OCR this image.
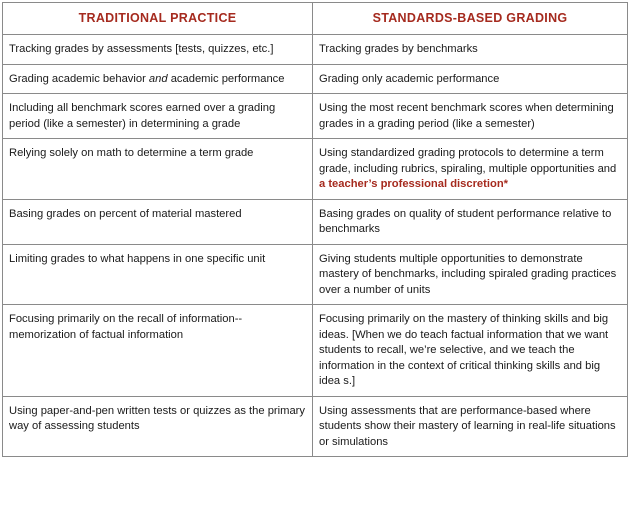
TRADITIONAL PRACTICE	STANDARDS-BASED GRADING
Tracking grades by assessments [tests, quizzes, etc.]	Tracking grades by benchmarks
Grading academic behavior and academic performance	Grading only academic performance
Including all benchmark scores earned over a grading period (like a semester) in determining a grade	Using the most recent benchmark scores when determining grades in a grading period (like a semester)
Relying solely on math to determine a term grade	Using standardized grading protocols to determine a term grade, including rubrics, spiraling, multiple opportunities and a teacher’s professional discretion*
Basing grades on percent of material mastered	Basing grades on quality of student performance relative to benchmarks
Limiting grades to what happens in one specific unit	Giving students multiple opportunities to demonstrate mastery of benchmarks, including spiraled grading practices over a number of units
Focusing primarily on the recall of information--memorization of factual information	Focusing primarily on the mastery of thinking skills and big ideas. [When we do teach factual information that we want students to recall, we’re selective, and we teach the information in the context of critical thinking skills and big idea s.]
Using paper-and-pen written tests or quizzes as the primary way of assessing students	Using assessments that are performance-based where students show their mastery of learning in real-life situations or simulations
